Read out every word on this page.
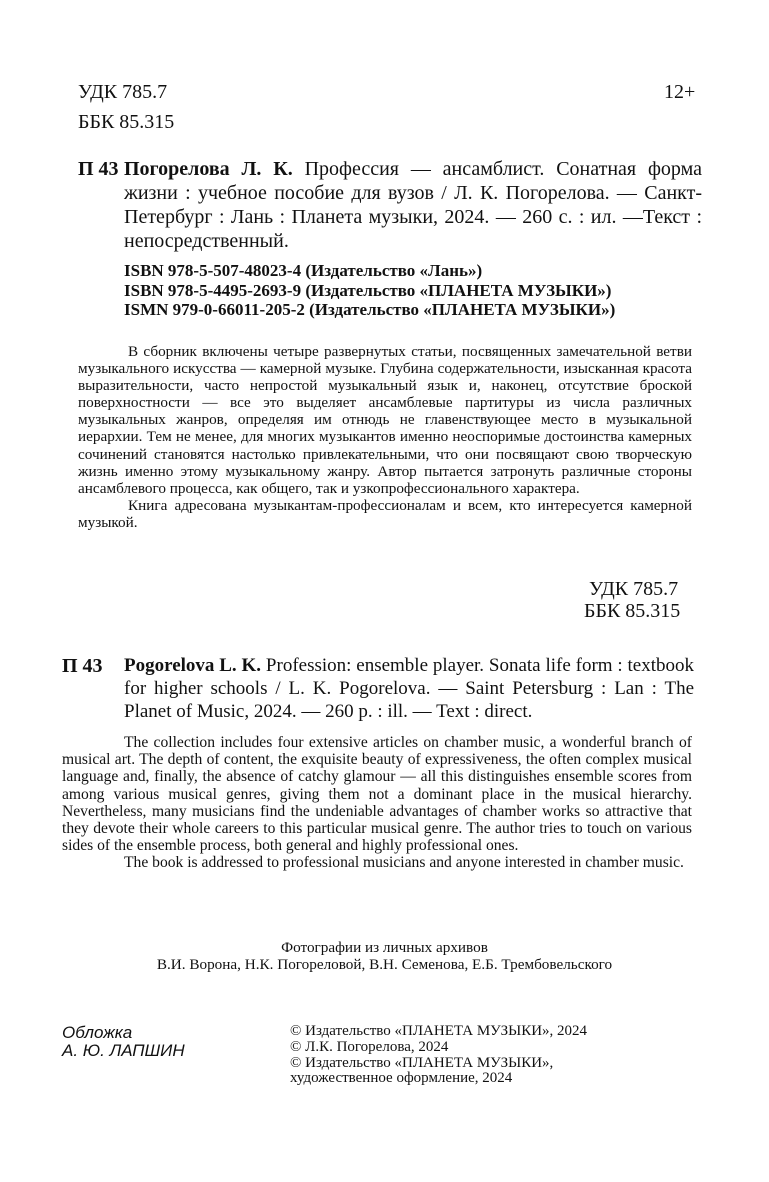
УДК 785.7
ББК 85.315
12+
П 43 Погорелова Л. К. Профессия — ансамблист. Сонатная форма жизни : учебное пособие для вузов / Л. К. Погорелова. — Санкт-Петербург : Лань : Планета музыки, 2024. — 260 с. : ил. —Текст : непосредственный.
ISBN 978-5-507-48023-4 (Издательство «Лань»)
ISBN 978-5-4495-2693-9 (Издательство «ПЛАНЕТА МУЗЫКИ»)
ISMN 979-0-66011-205-2 (Издательство «ПЛАНЕТА МУЗЫКИ»)

В сборник включены четыре развернутых статьи, посвященных замечательной ветви музыкального искусства — камерной музыке. Глубина содержательности, изысканная красота выразительности, часто непростой музыкальный язык и, наконец, отсутствие броской поверхностности — все это выделяет ансамблевые партитуры из числа различных музыкальных жанров, определяя им отнюдь не главенствующее место в музыкальной иерархии. Тем не менее, для многих музыкантов именно неоспоримые достоинства камерных сочинений становятся настолько привлекательными, что они посвящают свою творческую жизнь именно этому музыкальному жанру. Автор пытается затронуть различные стороны ансамблевого процесса, как общего, так и узкопрофессионального характера.

Книга адресована музыкантам-профессионалам и всем, кто интересуется камерной музыкой.

УДК 785.7
ББК 85.315
П 43 Pogorelova L. K. Profession: ensemble player. Sonata life form : textbook for higher schools / L. K. Pogorelova. — Saint Petersburg : Lan : The Planet of Music, 2024. — 260 p. : ill. — Text : direct.

The collection includes four extensive articles on chamber music, a wonderful branch of musical art. The depth of content, the exquisite beauty of expressiveness, the often complex musical language and, finally, the absence of catchy glamour — all this distinguishes ensemble scores from among various musical genres, giving them not a dominant place in the musical hierarchy. Nevertheless, many musicians find the undeniable advantages of chamber works so attractive that they devote their whole careers to this particular musical genre. The author tries to touch on various sides of the ensemble process, both general and highly professional ones.

The book is addressed to professional musicians and anyone interested in chamber music.

Фотографии из личных архивов
В.И. Ворона, Н.К. Погореловой, В.Н. Семенова, Е.Б. Трембовельского
Обложка
А. Ю. ЛАПШИН
© Издательство «ПЛАНЕТА МУЗЫКИ», 2024
© Л.К. Погорелова, 2024
© Издательство «ПЛАНЕТА МУЗЫКИ»,
художественное оформление, 2024
